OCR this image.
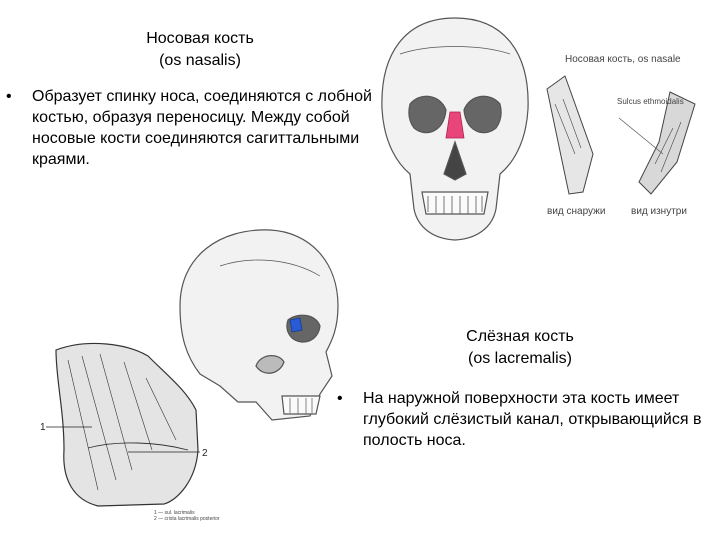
Носовая кость
(os nasalis)
• Образует спинку носа, соединяются с лобной костью, образуя переносицу. Между собой носовые кости соединяются сагиттальными краями.
Носовая кость, os nasale
Sulcus ethmoidalis
вид снаружи	вид изнутри
1
2
1 — sul. lacrimalis
2 — crista lacrimalis posterior
Слёзная кость
(os lacremalis)
• На наружной поверхности эта кость имеет глубокий слёзистый канал, открывающийся в полость носа.
